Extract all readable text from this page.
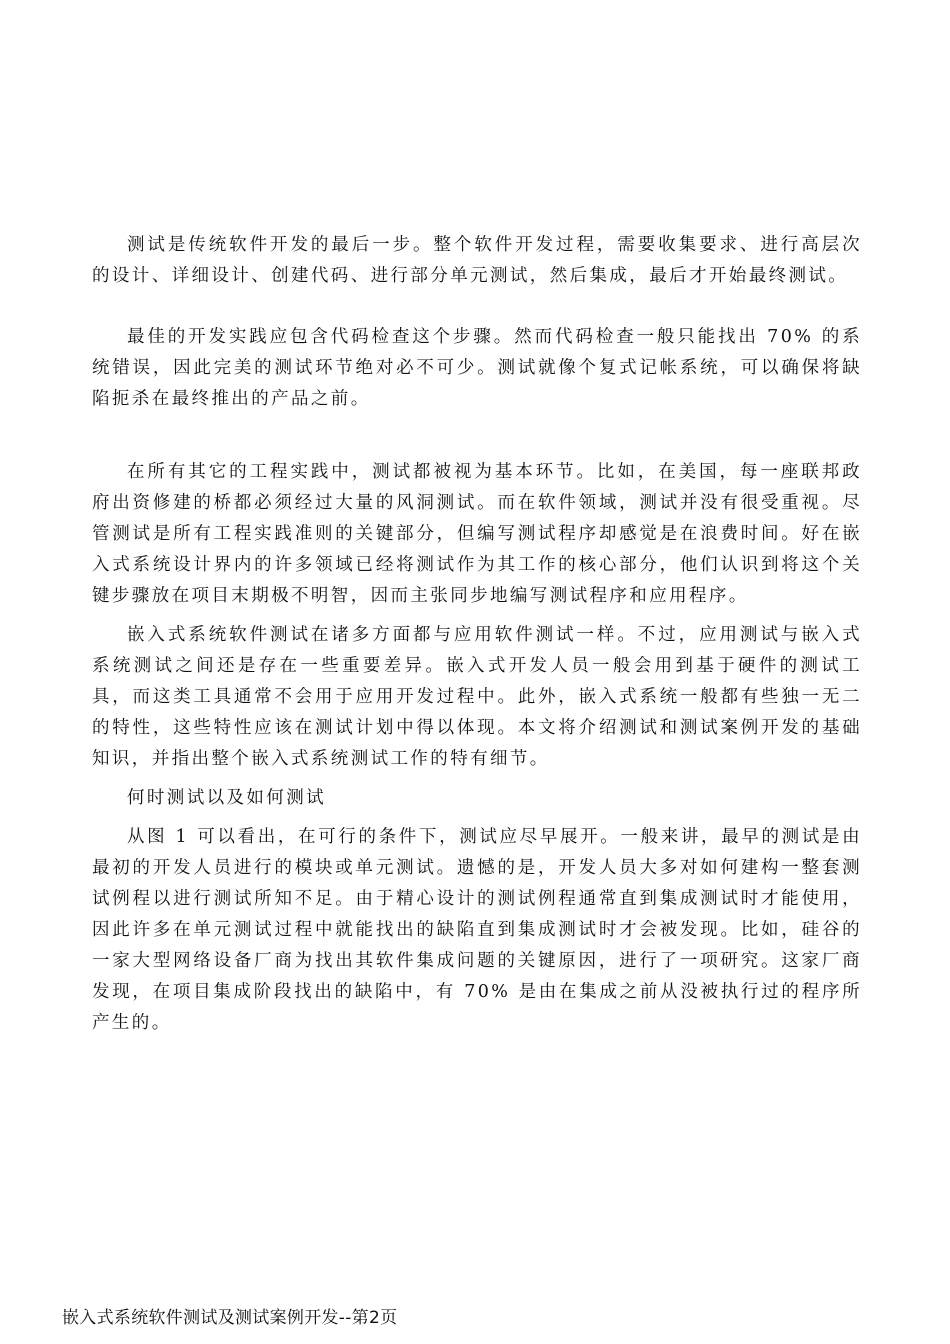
测试是传统软件开发的最后一步。整个软件开发过程，需要收集要求、进行高层次的设计、详细设计、创建代码、进行部分单元测试，然后集成，最后才开始最终测试。

最佳的开发实践应包含代码检查这个步骤。然而代码检查一般只能找出 70% 的系统错误，因此完美的测试环节绝对必不可少。测试就像个复式记帐系统，可以确保将缺陷扼杀在最终推出的产品之前。

在所有其它的工程实践中，测试都被视为基本环节。比如，在美国，每一座联邦政府出资修建的桥都必须经过大量的风洞测试。而在软件领域，测试并没有很受重视。尽管测试是所有工程实践准则的关键部分，但编写测试程序却感觉是在浪费时间。好在嵌入式系统设计界内的许多领域已经将测试作为其工作的核心部分，他们认识到将这个关键步骤放在项目末期极不明智，因而主张同步地编写测试程序和应用程序。

嵌入式系统软件测试在诸多方面都与应用软件测试一样。不过，应用测试与嵌入式系统测试之间还是存在一些重要差异。嵌入式开发人员一般会用到基于硬件的测试工具，而这类工具通常不会用于应用开发过程中。此外，嵌入式系统一般都有些独一无二的特性，这些特性应该在测试计划中得以体现。本文将介绍测试和测试案例开发的基础知识，并指出整个嵌入式系统测试工作的特有细节。

何时测试以及如何测试

从图 1 可以看出，在可行的条件下，测试应尽早展开。一般来讲，最早的测试是由最初的开发人员进行的模块或单元测试。遗憾的是，开发人员大多对如何建构一整套测试例程以进行测试所知不足。由于精心设计的测试例程通常直到集成测试时才能使用，因此许多在单元测试过程中就能找出的缺陷直到集成测试时才会被发现。比如，硅谷的一家大型网络设备厂商为找出其软件集成问题的关键原因，进行了一项研究。这家厂商发现，在项目集成阶段找出的缺陷中，有 70% 是由在集成之前从没被执行过的程序所产生的。

嵌入式系统软件测试及测试案例开发--第2页
